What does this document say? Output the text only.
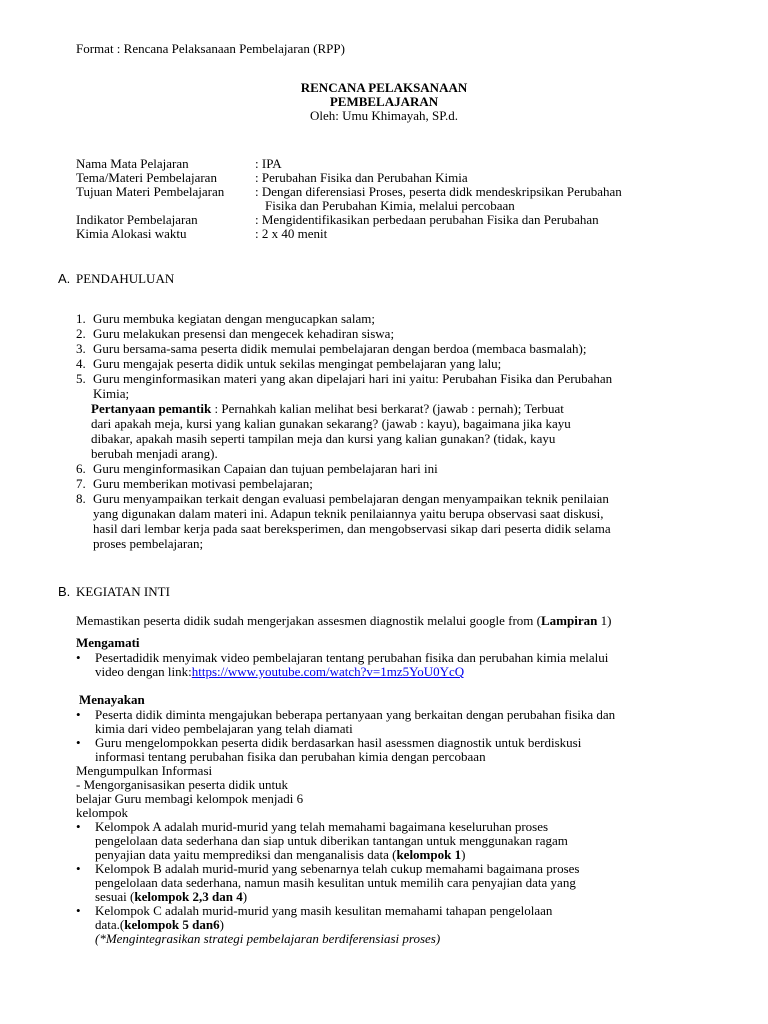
Format : Rencana Pelaksanaan Pembelajaran (RPP)
RENCANA PELAKSANAAN
PEMBELAJARAN
Oleh: Umu Khimayah, SP.d.
Nama Mata Pelajaran	: IPA
Tema/Materi Pembelajaran	: Perubahan Fisika dan Perubahan Kimia
Tujuan Materi Pembelajaran : Dengan diferensiasi Proses, peserta didk mendeskripsikan Perubahan
Fisika dan Perubahan Kimia, melalui percobaan
Indikator Pembelajaran	: Mengidentifikasikan perbedaan perubahan Fisika dan Perubahan
Kimia Alokasi waktu	: 2 x 40 menit
A. PENDAHULUAN
1. Guru membuka kegiatan dengan mengucapkan salam;
2. Guru melakukan presensi dan mengecek kehadiran siswa;
3. Guru bersama-sama peserta didik memulai pembelajaran dengan berdoa (membaca basmalah);
4. Guru mengajak peserta didik untuk sekilas mengingat pembelajaran yang lalu;
5. Guru menginformasikan materi yang akan dipelajari hari ini yaitu: Perubahan Fisika dan Perubahan
Kimia;
Pertanyaan pemantik : Pernahkah kalian melihat besi berkarat? (jawab : pernah); Terbuat
dari apakah meja, kursi yang kalian gunakan sekarang? (jawab : kayu), bagaimana jika kayu
dibakar, apakah masih seperti tampilan meja dan kursi yang kalian gunakan? (tidak, kayu
berubah menjadi arang).
6. Guru menginformasikan Capaian dan tujuan pembelajaran hari ini
7. Guru memberikan motivasi pembelajaran;
8. Guru menyampaikan terkait dengan evaluasi pembelajaran dengan menyampaikan teknik penilaian
yang digunakan dalam materi ini. Adapun teknik penilaiannya yaitu berupa observasi saat diskusi,
hasil dari lembar kerja pada saat bereksperimen, dan mengobservasi sikap dari peserta didik selama
proses pembelajaran;
B. KEGIATAN INTI
Memastikan peserta didik sudah mengerjakan assesmen diagnostik melalui google from (Lampiran 1)
Mengamati
• Pesertadidik menyimak video pembelajaran tentang perubahan fisika dan perubahan kimia melalui
video dengan link:https://www.youtube.com/watch?v=1mz5YoU0YcQ
Menayakan
• Peserta didik diminta mengajukan beberapa pertanyaan yang berkaitan dengan perubahan fisika dan
kimia dari video pembelajaran yang telah diamati
• Guru mengelompokkan peserta didik berdasarkan hasil asessmen diagnostik untuk berdiskusi
informasi tentang perubahan fisika dan perubahan kimia dengan percobaan
Mengumpulkan Informasi
- Mengorganisasikan peserta didik untuk
belajar Guru membagi kelompok menjadi 6
kelompok
• Kelompok A adalah murid-murid yang telah memahami bagaimana keseluruhan proses
pengelolaan data sederhana dan siap untuk diberikan tantangan untuk menggunakan ragam
penyajian data yaitu memprediksi dan menganalisis data (kelompok 1)
• Kelompok B adalah murid-murid yang sebenarnya telah cukup memahami bagaimana proses
pengelolaan data sederhana, namun masih kesulitan untuk memilih cara penyajian data yang
sesuai (kelompok 2,3 dan 4)
• Kelompok C adalah murid-murid yang masih kesulitan memahami tahapan pengelolaan
data.(kelompok 5 dan6)
(*Mengintegrasikan strategi pembelajaran berdiferensiasi proses)
